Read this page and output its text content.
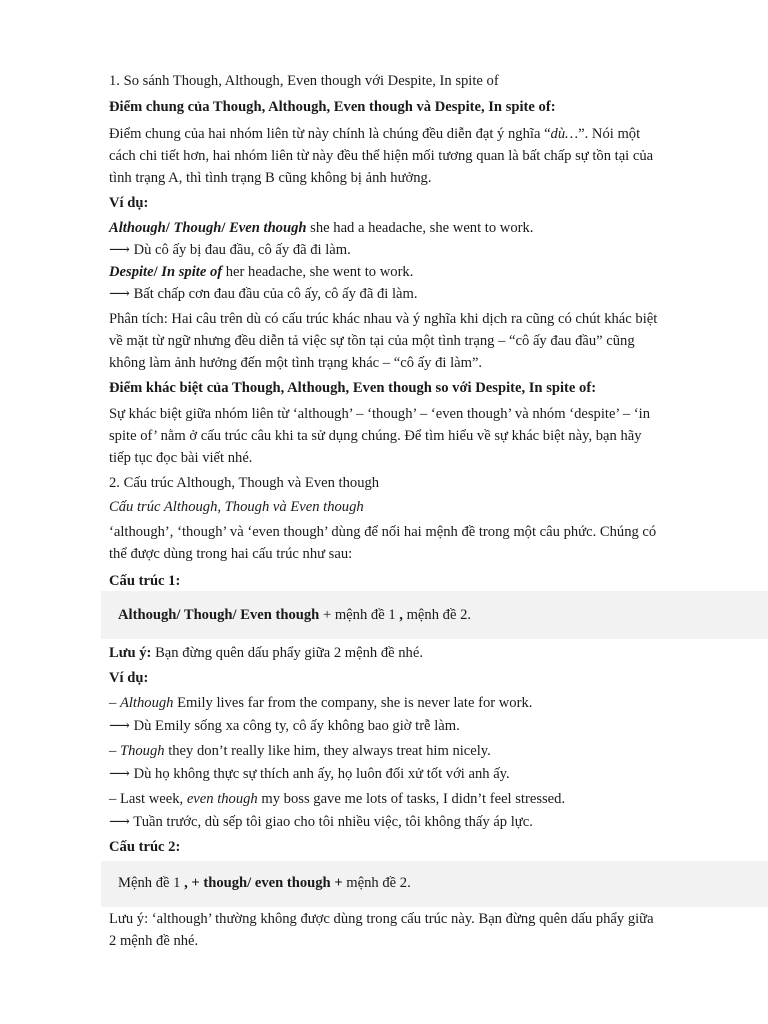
1. So sánh Though, Although, Even though với Despite, In spite of

Điểm chung của Though, Although, Even though và Despite, In spite of:

Điểm chung của hai nhóm liên từ này chính là chúng đều diễn đạt ý nghĩa “dù…”. Nói một

cách chi tiết hơn, hai nhóm liên từ này đều thể hiện mối tương quan là bất chấp sự tồn tại của

tình trạng A, thì tình trạng B cũng không bị ảnh hưởng.

Ví dụ:

Although/ Though/ Even though she had a headache, she went to work.

⟶ Dù cô ấy bị đau đầu, cô ấy đã đi làm.

Despite/ In spite of her headache, she went to work.

⟶ Bất chấp cơn đau đầu của cô ấy, cô ấy đã đi làm.

Phân tích: Hai câu trên dù có cấu trúc khác nhau và ý nghĩa khi dịch ra cũng có chút khác biệt

về mặt từ ngữ nhưng đều diễn tả việc sự tồn tại của một tình trạng – “cô ấy đau đầu” cũng

không làm ảnh hưởng đến một tình trạng khác – “cô ấy đi làm”.

Điểm khác biệt của Though, Although, Even though so với Despite, In spite of:

Sự khác biệt giữa nhóm liên từ ‘although’ – ‘though’ – ‘even though’ và nhóm ‘despite’ – ‘in

spite of’ nằm ở cấu trúc câu khi ta sử dụng chúng. Để tìm hiểu về sự khác biệt này, bạn hãy

tiếp tục đọc bài viết nhé.

2. Cấu trúc Although, Though và Even though

Cấu trúc Although, Though và Even though

‘although’, ‘though’ và ‘even though’ dùng để nối hai mệnh đề trong một câu phức. Chúng có

thể được dùng trong hai cấu trúc như sau:

Cấu trúc 1:

Although/ Though/ Even though + mệnh đề 1 , mệnh đề 2.

Lưu ý: Bạn đừng quên dấu phẩy giữa 2 mệnh đề nhé.

Ví dụ:

– Although Emily lives far from the company, she is never late for work.

⟶ Dù Emily sống xa công ty, cô ấy không bao giờ trễ làm.

– Though they don’t really like him, they always treat him nicely.

⟶ Dù họ không thực sự thích anh ấy, họ luôn đối xử tốt với anh ấy.

– Last week, even though my boss gave me lots of tasks, I didn’t feel stressed.

⟶ Tuần trước, dù sếp tôi giao cho tôi nhiều việc, tôi không thấy áp lực.

Cấu trúc 2:

Mệnh đề 1 , + though/ even though + mệnh đề 2.

Lưu ý: ‘although’ thường không được dùng trong cấu trúc này. Bạn đừng quên dấu phẩy giữa

2 mệnh đề nhé.
